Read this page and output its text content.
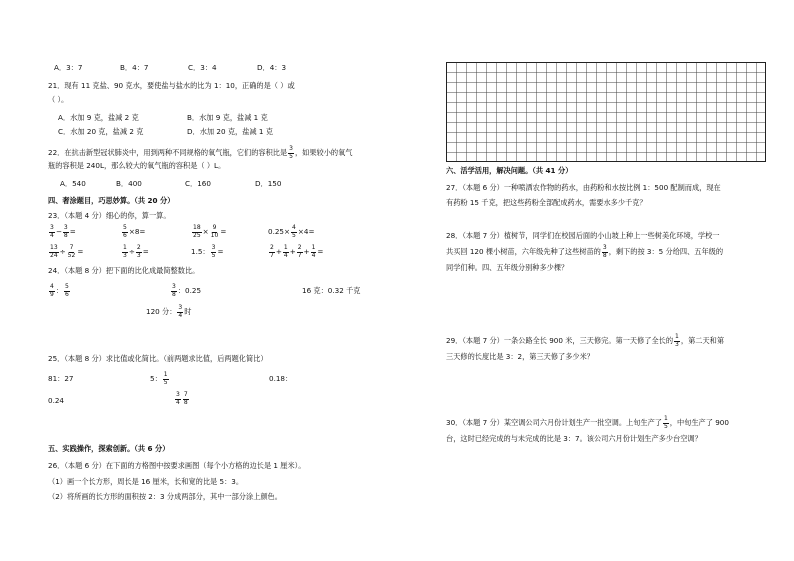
A．3：7	B．4：7	C．3：4	D．4：3
21．现有 11 克盐、90 克水，要使盐与盐水的比为 1：10，正确的是（ ）或
（ ）。
A．水加 9 克，盐减 2 克	B．水加 9 克，盐减 1 克
C．水加 20 克，盐减 2 克	D．水加 20 克，盐减 1 克
22．在抗击新型冠状肺炎中，用到两种不同规格的氧气瓶，它们的容积比是 $\frac{3}{5}$ ，如果较小的氧气
瓶的容积是 240L，那么较大的氧气瓶的容积是（ ）L。
A．540	B．400	C．160	D．150
四、奢涂题目，巧思妙算。（共 20 分）
23．（本题 4 分）细心的你，算一算。
$\frac{3}{4} - \frac{3}{8}$ =	$\frac{5}{6} \times 8=$	$\frac{18}{25} \times \frac{9}{10}$ =	$0.25\times \frac{4}{5} \times 4=$
$\frac{13}{24} \div \frac{7}{52}$ =	$\frac{1}{3} \div \frac{2}{3}$ =	1.5： $\frac{3}{5}$ =	$\frac{2}{7} + \frac{1}{4} + \frac{2}{7} + \frac{1}{4}$ =
24．（本题 8 分）把下面的比化成最简整数比。
$\frac{4}{9}$ ： $\frac{5}{6}$	$\frac{3}{8}$ ：0.25	16 克：0.32 千克
120 分： $\frac{3}{4}$ 时
25．（本题 8 分）求比值或化简比。（前两题求比值，后两题化简比）
81：27	5： $\frac{1}{5}$	0.18：
0.24	$\frac{3}{4} \frac{7}{8}$
五、实践操作，探索创新。（共 6 分）
26．（本题 6 分）在下面的方格图中按要求画图（每个小方格的边长是 1 厘米）。
（1）画一个长方形，周长是 16 厘米，长和宽的比是 5：3。
（2）将所画的长方形的面积按 2：3 分成两部分，其中一部分涂上颜色。
六、活学活用，解决问题。（共 41 分）
27．（本题 6 分）一种喷洒农作物的药水，由药粉和水按比例 1：500 配制而成，现在
有药粉 15 千克，把这些药粉全部配成药水，需要水多少千克？
28．（本题 7 分）植树节，同学们在校园后面的小山坡上种上一些树美化环境，学校一
共买回 120 棵小树苗，六年级先种了这些树苗的 $\frac{3}{8}$ ，剩下的按 3：5 分给四、五年级的
同学们种。四、五年级分别种多少棵？
29．（本题 7 分）一条公路全长 900 米，三天修完。第一天修了全长的 $\frac{1}{3}$ ，第二天和第
三天修的长度比是 3：2，第三天修了多少米？
30．（本题 7 分）某空调公司六月份计划生产一批空调。上旬生产了 $\frac{1}{5}$ ，中旬生产了 900
台，这时已经完成的与未完成的比是 3：7。该公司六月份计划生产多少台空调？
